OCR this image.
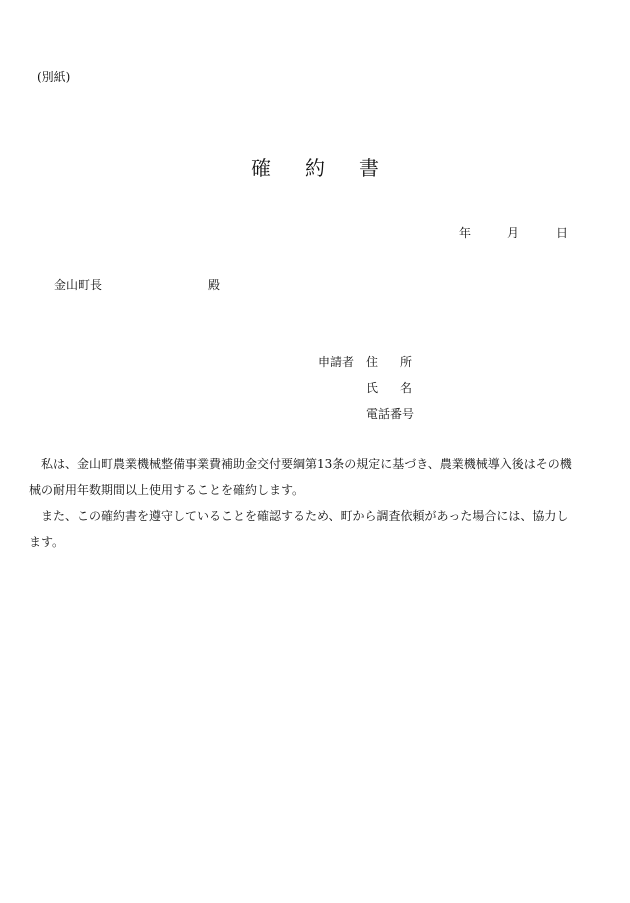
(別紙)
確 約 書
年	月	日
金山町長	殿
申請者 住 所
氏 名
電話番号

私は、金山町農業機械整備事業費補助金交付要綱第13条の規定に基づき、農業機械導入後はその機械の耐用年数期間以上使用することを確約します。

また、この確約書を遵守していることを確認するため、町から調査依頼があった場合には、協力します。
